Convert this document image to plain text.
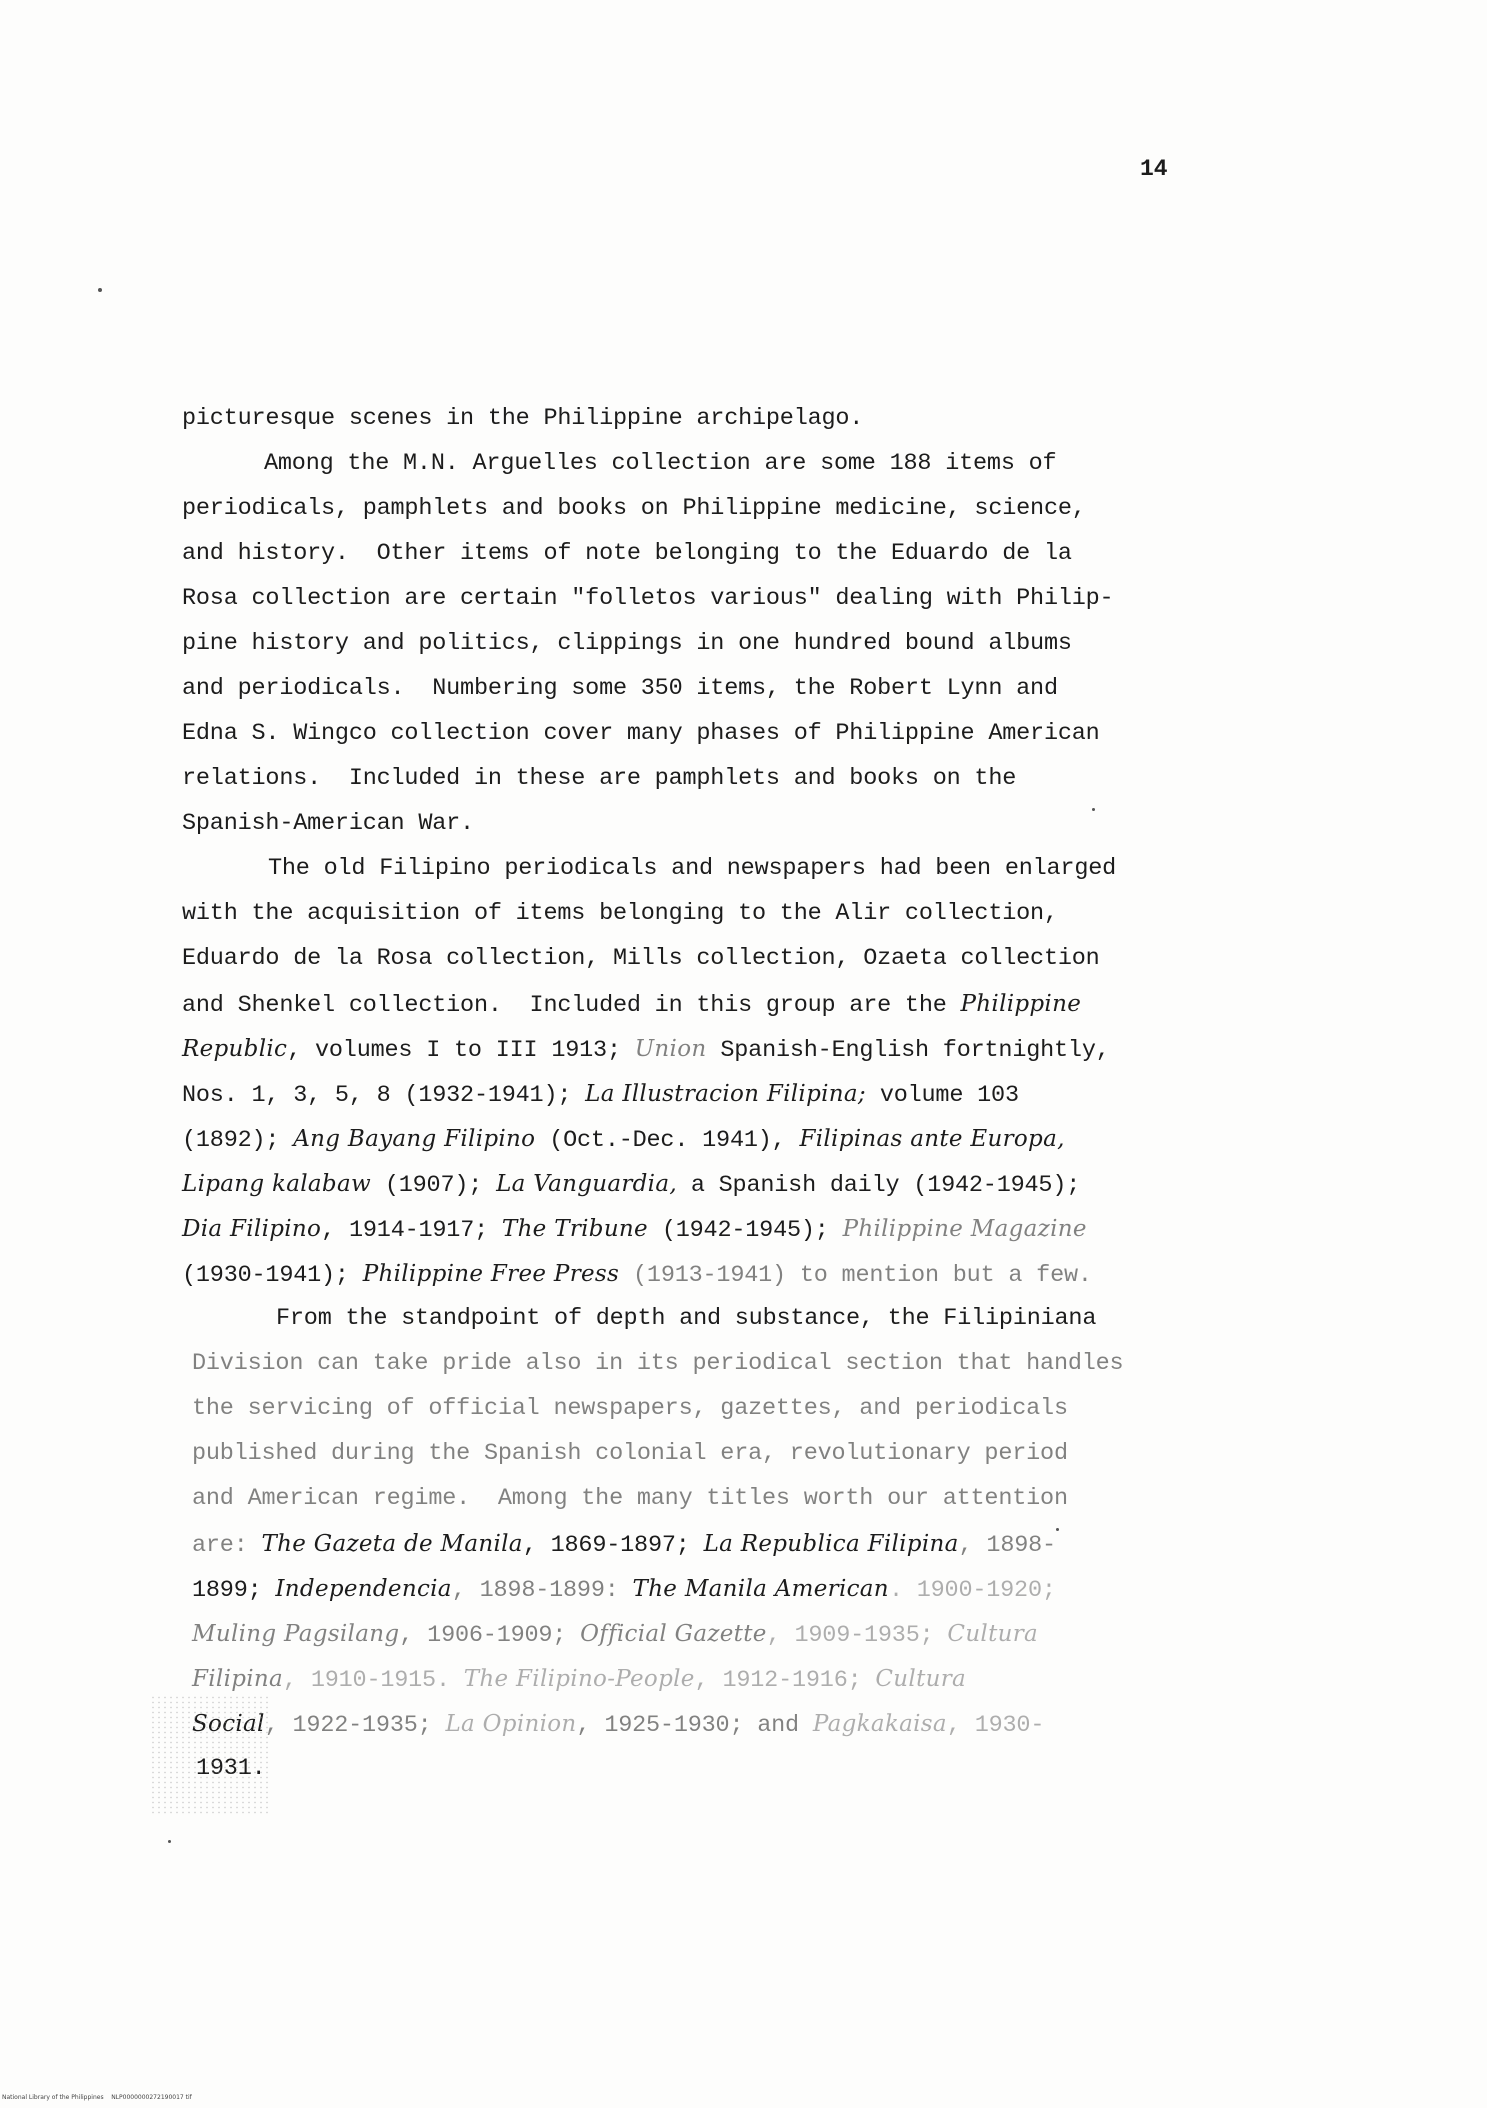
14
picturesque scenes in the Philippine archipelago.
Among the M.N. Arguelles collection are some 188 items of
periodicals, pamphlets and books on Philippine medicine, science,
and history.  Other items of note belonging to the Eduardo de la
Rosa collection are certain "folletos various" dealing with Philip-
pine history and politics, clippings in one hundred bound albums
and periodicals.  Numbering some 350 items, the Robert Lynn and
Edna S. Wingco collection cover many phases of Philippine American
relations.  Included in these are pamphlets and books on the
Spanish-American War.
The old Filipino periodicals and newspapers had been enlarged
with the acquisition of items belonging to the Alir collection,
Eduardo de la Rosa collection, Mills collection, Ozaeta collection
and Shenkel collection.  Included in this group are the Philippine
Republic, volumes I to III 1913; Union Spanish-English fortnightly,
Nos. 1, 3, 5, 8 (1932-1941); La Illustracion Filipina; volume 103
(1892); Ang Bayang Filipino (Oct.-Dec. 1941), Filipinas ante Europa,
Lipang kalabaw (1907); La Vanguardia, a Spanish daily (1942-1945);
Dia Filipino, 1914-1917; The Tribune (1942-1945); Philippine Magazine
(1930-1941); Philippine Free Press (1913-1941) to mention but a few.
From the standpoint of depth and substance, the Filipiniana
Division can take pride also in its periodical section that handles
the servicing of official newspapers, gazettes, and periodicals
published during the Spanish colonial era, revolutionary period
and American regime.  Among the many titles worth our attention
are: The Gazeta de Manila, 1869-1897; La Republica Filipina, 1898-
1899; Independencia, 1898-1899: The Manila American. 1900-1920;
Muling Pagsilang, 1906-1909; Official Gazette, 1909-1935; Cultura
Filipina, 1910-1915. The Filipino-People, 1912-1916; Cultura
Social, 1922-1935; La Opinion, 1925-1930; and Pagkakaisa, 1930-
1931.
National Library of the Philippines    NLP0000000272190017 tif
